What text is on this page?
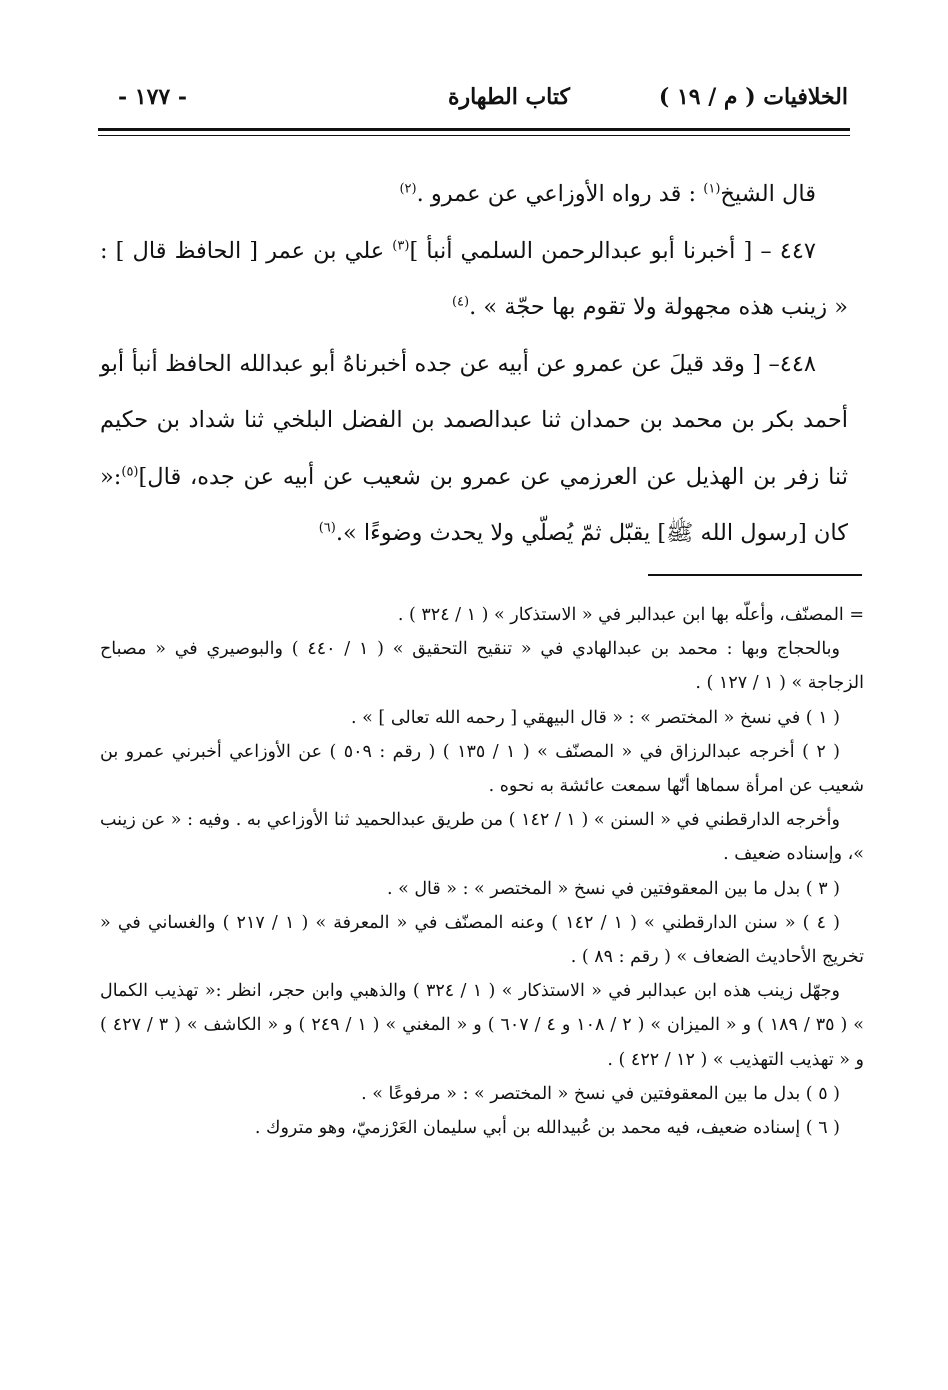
الخلافيات ( م / ١٩ )
كتاب الطهارة
- ١٧٧ -

قال الشيخ$^{(١)}$ : قد رواه الأوزاعي عن عمرو .$^{(٢)}$

٤٤٧ – [ أخبرنا أبو عبدالرحمن السلمي أنبأ ]$^{(٣)}$ علي بن عمر [ الحافظ قال ] : « زينب هذه مجهولة ولا تقوم بها حجّة » .$^{(٤)}$

٤٤٨– [ وقد قيلَ عن عمرو عن أبيه عن جده أخبرناهُ أبو عبدالله الحافظ أنبأ أبو أحمد بكر بن محمد بن حمدان ثنا عبدالصمد بن الفضل البلخي ثنا شداد بن حكيم ثنا زفر بن الهذيل عن العرزمي عن عمرو بن شعيب عن أبيه عن جده، قال]$^{(٥)}$:« كان [رسول الله ﷺ] يقبّل ثمّ يُصلّي ولا يحدث وضوءًا ».$^{(٦)}$

= المصنّف، وأعلّه بها ابن عبدالبر في « الاستذكار » ( ١ / ٣٢٤ ) .

وبالحجاج وبها : محمد بن عبدالهادي في « تنقيح التحقيق » ( ١ / ٤٤٠ ) والبوصيري في « مصباح الزجاجة » ( ١ / ١٢٧ ) .

( ١ ) في نسخ « المختصر » : « قال البيهقي [ رحمه الله تعالى ] » .

( ٢ ) أخرجه عبدالرزاق في « المصنّف » ( ١ / ١٣٥ ) ( رقم : ٥٠٩ ) عن الأوزاعي أخبرني عمرو بن شعيب عن امرأة سماها أنّها سمعت عائشة به نحوه .

وأخرجه الدارقطني في « السنن » ( ١ / ١٤٢ ) من طريق عبدالحميد ثنا الأوزاعي به . وفيه : « عن زينب »، وإسناده ضعيف .

( ٣ ) بدل ما بين المعقوفتين في نسخ « المختصر » : « قال » .

( ٤ ) « سنن الدارقطني » ( ١ / ١٤٢ ) وعنه المصنّف في « المعرفة » ( ١ / ٢١٧ ) والغساني في « تخريج الأحاديث الضعاف » ( رقم : ٨٩ ) .

وجهّل زينب هذه ابن عبدالبر في « الاستذكار » ( ١ / ٣٢٤ ) والذهبي وابن حجر، انظر :« تهذيب الكمال » ( ٣٥ / ١٨٩ ) و « الميزان » ( ٢ / ١٠٨ و ٤ / ٦٠٧ ) و « المغني » ( ١ / ٢٤٩ ) و « الكاشف » ( ٣ / ٤٢٧ ) و « تهذيب التهذيب » ( ١٢ / ٤٢٢ ) .

( ٥ ) بدل ما بين المعقوفتين في نسخ « المختصر » : « مرفوعًا » .

( ٦ ) إسناده ضعيف، فيه محمد بن عُبيدالله بن أبي سليمان العَرْزميّ، وهو متروك .
